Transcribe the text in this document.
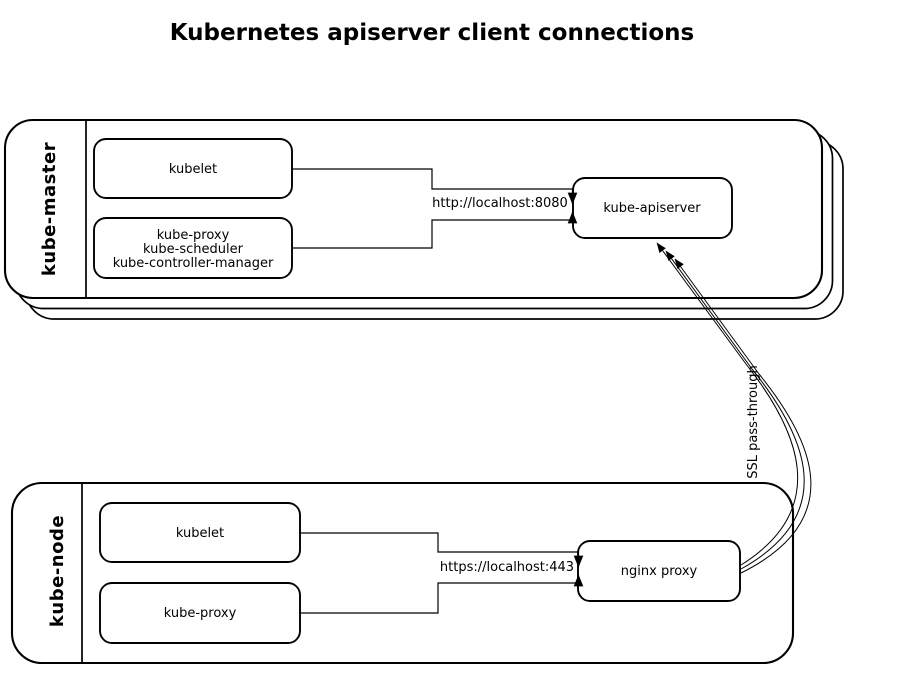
Kubernetes apiserver client connections
kube-master	kubelet
kube-proxy
kube-scheduler
kube-controller-manager
kube-apiserver
http://localhost:8080
kube-node	kubelet
kube-proxy
nginx proxy
https://localhost:443
SSL pass-through
